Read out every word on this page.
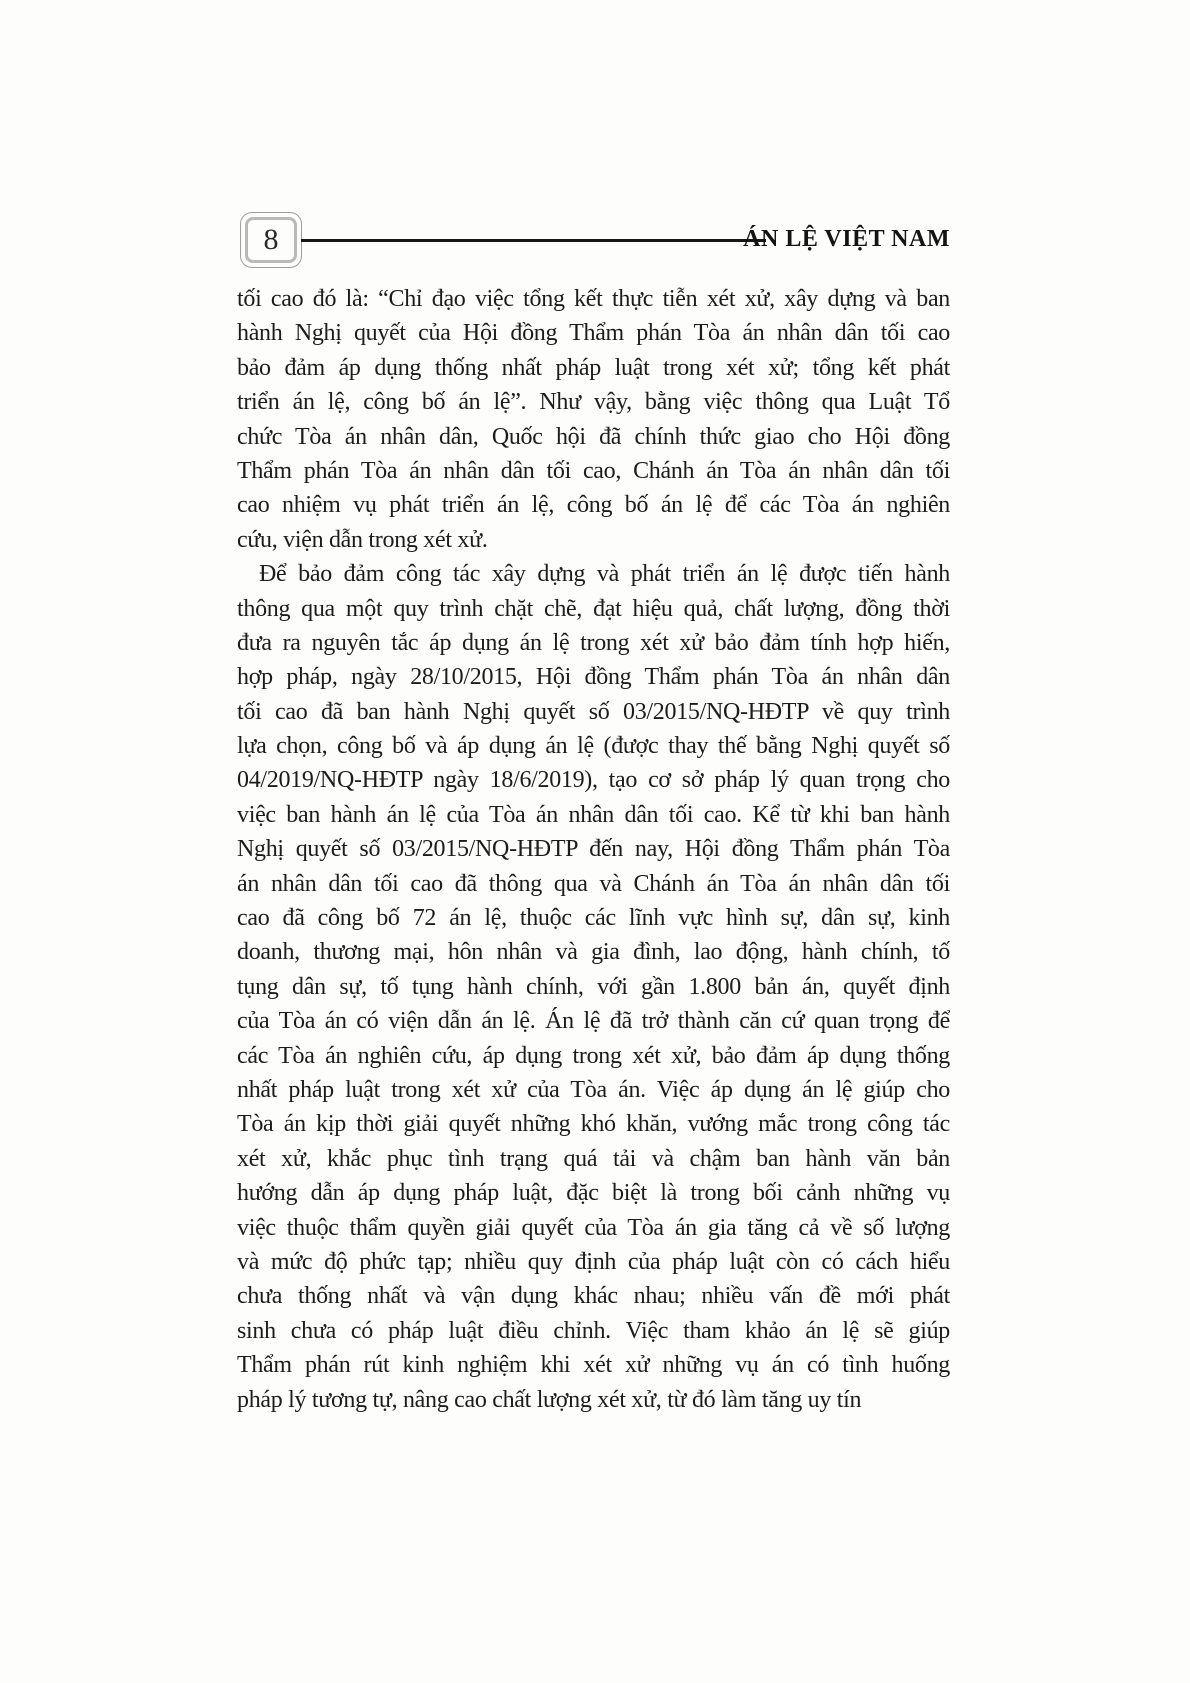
8	ÁN LỆ VIỆT NAM
tối cao đó là: “Chỉ đạo việc tổng kết thực tiễn xét xử, xây dựng và ban
hành Nghị quyết của Hội đồng Thẩm phán Tòa án nhân dân tối cao
bảo đảm áp dụng thống nhất pháp luật trong xét xử; tổng kết phát
triển án lệ, công bố án lệ”. Như vậy, bằng việc thông qua Luật Tổ
chức Tòa án nhân dân, Quốc hội đã chính thức giao cho Hội đồng
Thẩm phán Tòa án nhân dân tối cao, Chánh án Tòa án nhân dân tối
cao nhiệm vụ phát triển án lệ, công bố án lệ để các Tòa án nghiên
cứu, viện dẫn trong xét xử.
Để bảo đảm công tác xây dựng và phát triển án lệ được tiến hành
thông qua một quy trình chặt chẽ, đạt hiệu quả, chất lượng, đồng thời
đưa ra nguyên tắc áp dụng án lệ trong xét xử bảo đảm tính hợp hiến,
hợp pháp, ngày 28/10/2015, Hội đồng Thẩm phán Tòa án nhân dân
tối cao đã ban hành Nghị quyết số 03/2015/NQ-HĐTP về quy trình
lựa chọn, công bố và áp dụng án lệ (được thay thế bằng Nghị quyết số
04/2019/NQ-HĐTP ngày 18/6/2019), tạo cơ sở pháp lý quan trọng cho
việc ban hành án lệ của Tòa án nhân dân tối cao. Kể từ khi ban hành
Nghị quyết số 03/2015/NQ-HĐTP đến nay, Hội đồng Thẩm phán Tòa
án nhân dân tối cao đã thông qua và Chánh án Tòa án nhân dân tối
cao đã công bố 72 án lệ, thuộc các lĩnh vực hình sự, dân sự, kinh
doanh, thương mại, hôn nhân và gia đình, lao động, hành chính, tố
tụng dân sự, tố tụng hành chính, với gần 1.800 bản án, quyết định
của Tòa án có viện dẫn án lệ. Án lệ đã trở thành căn cứ quan trọng để
các Tòa án nghiên cứu, áp dụng trong xét xử, bảo đảm áp dụng thống
nhất pháp luật trong xét xử của Tòa án. Việc áp dụng án lệ giúp cho
Tòa án kịp thời giải quyết những khó khăn, vướng mắc trong công tác
xét xử, khắc phục tình trạng quá tải và chậm ban hành văn bản
hướng dẫn áp dụng pháp luật, đặc biệt là trong bối cảnh những vụ
việc thuộc thẩm quyền giải quyết của Tòa án gia tăng cả về số lượng
và mức độ phức tạp; nhiều quy định của pháp luật còn có cách hiểu
chưa thống nhất và vận dụng khác nhau; nhiều vấn đề mới phát
sinh chưa có pháp luật điều chỉnh. Việc tham khảo án lệ sẽ giúp
Thẩm phán rút kinh nghiệm khi xét xử những vụ án có tình huống
pháp lý tương tự, nâng cao chất lượng xét xử, từ đó làm tăng uy tín
